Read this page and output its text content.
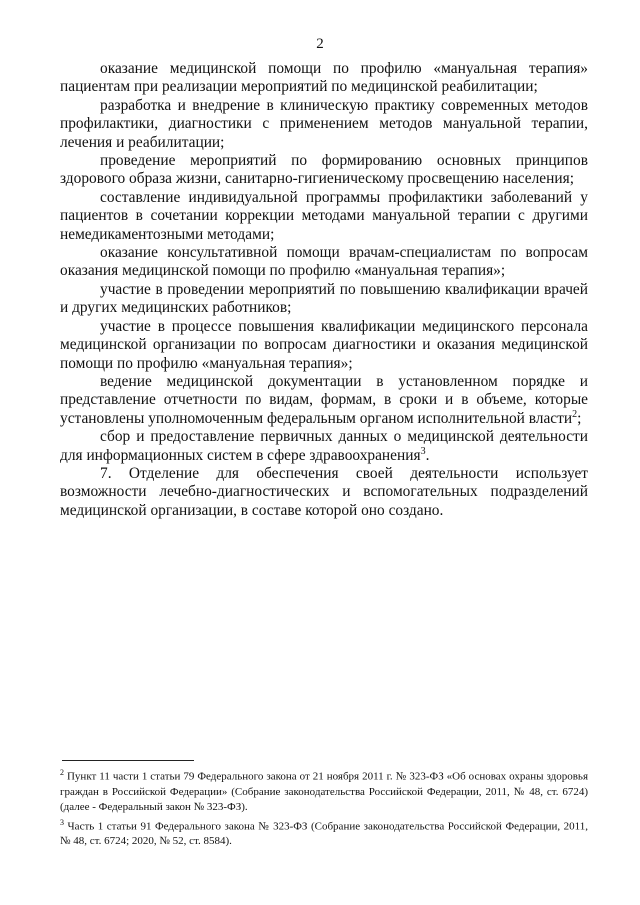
2

оказание медицинской помощи по профилю «мануальная терапия» пациентам при реализации мероприятий по медицинской реабилитации;

разработка и внедрение в клиническую практику современных методов профилактики, диагностики с применением методов мануальной терапии, лечения и реабилитации;

проведение мероприятий по формированию основных принципов здорового образа жизни, санитарно-гигиеническому просвещению населения;

составление индивидуальной программы профилактики заболеваний у пациентов в сочетании коррекции методами мануальной терапии с другими немедикаментозными методами;

оказание консультативной помощи врачам-специалистам по вопросам оказания медицинской помощи по профилю «мануальная терапия»;

участие в проведении мероприятий по повышению квалификации врачей и других медицинских работников;

участие в процессе повышения квалификации медицинского персонала медицинской организации по вопросам диагностики и оказания медицинской помощи по профилю «мануальная терапия»;

ведение медицинской документации в установленном порядке и представление отчетности по видам, формам, в сроки и в объеме, которые установлены уполномоченным федеральным органом исполнительной власти$^2$;

сбор и предоставление первичных данных о медицинской деятельности для информационных систем в сфере здравоохранения$^3$.

7. Отделение для обеспечения своей деятельности использует возможности лечебно-диагностических и вспомогательных подразделений медицинской организации, в составе которой оно создано.

$^2$ Пункт 11 части 1 статьи 79 Федерального закона от 21 ноября 2011 г. № 323-ФЗ «Об основах охраны здоровья граждан в Российской Федерации» (Собрание законодательства Российской Федерации, 2011, № 48, ст. 6724) (далее - Федеральный закон № 323-ФЗ).

$^3$ Часть 1 статьи 91 Федерального закона № 323-ФЗ (Собрание законодательства Российской Федерации, 2011, № 48, ст. 6724; 2020, № 52, ст. 8584).
